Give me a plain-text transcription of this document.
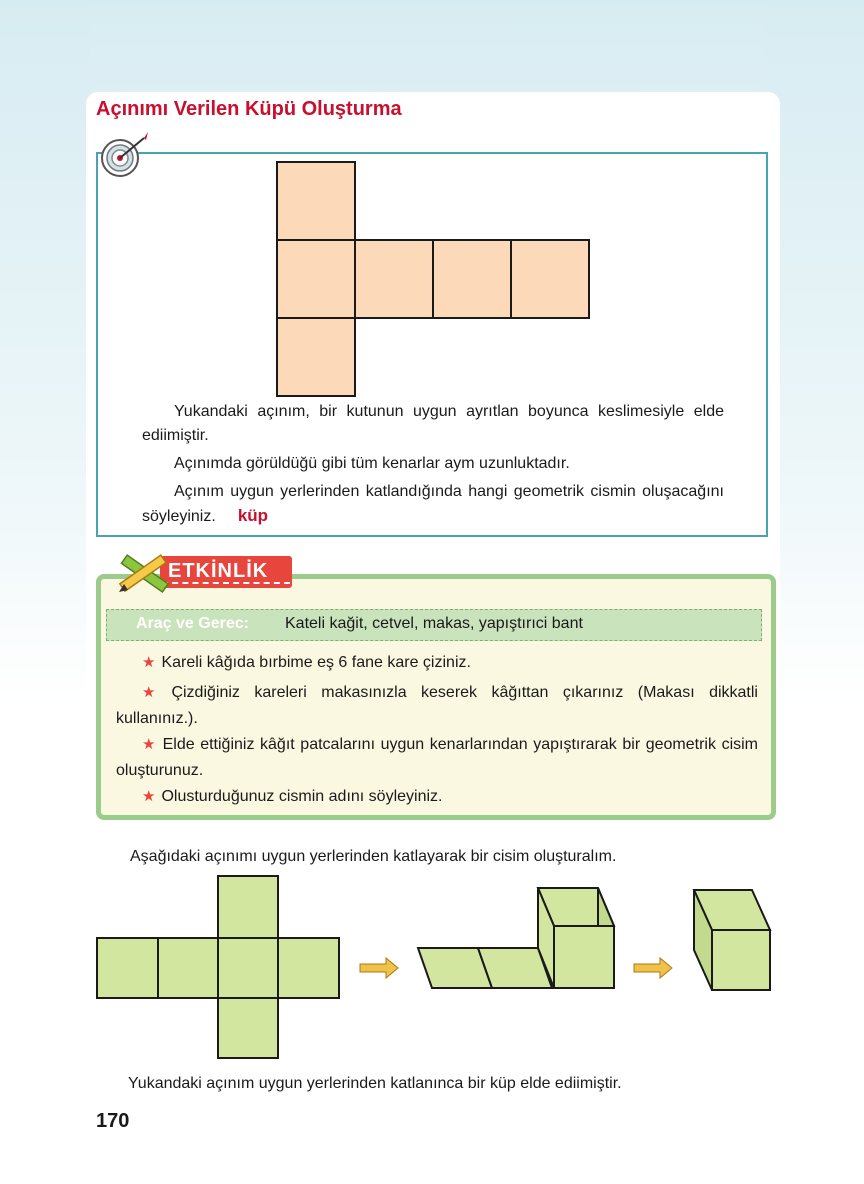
Açınımı Verilen Küpü Oluşturma

Yukandaki açınım, bir kutunun uygun ayrıtlan boyunca keslimesiyle elde ediimiştir.

Açınımda görüldüğü gibi tüm kenarlar aym uzunluktadır.

Açınım uygun yerlerinden katlandığında hangi geometrik cismin oluşacağını söyleyiniz. küp

ETKİNLİK

Araç ve Gerec: Kateli kağit, cetvel, makas, yapıştırıci bant

★ Kareli kâğıda bırbime eş 6 fane kare çiziniz.

★ Çizdiğiniz kareleri makasınızla keserek kâğıttan çıkarınız (Makası dikkatli kullanınız.).

★ Elde ettiğiniz kâğıt patcalarını uygun kenarlarından yapıştırarak bir geometrik cisim oluşturunuz.

★ Olusturduğunuz cismin adını söyleyiniz.

Aşağıdaki açınımı uygun yerlerinden katlayarak bir cisim oluşturalım.

Yukandaki açınım uygun yerlerinden katlanınca bir küp elde ediimiştir.

170
